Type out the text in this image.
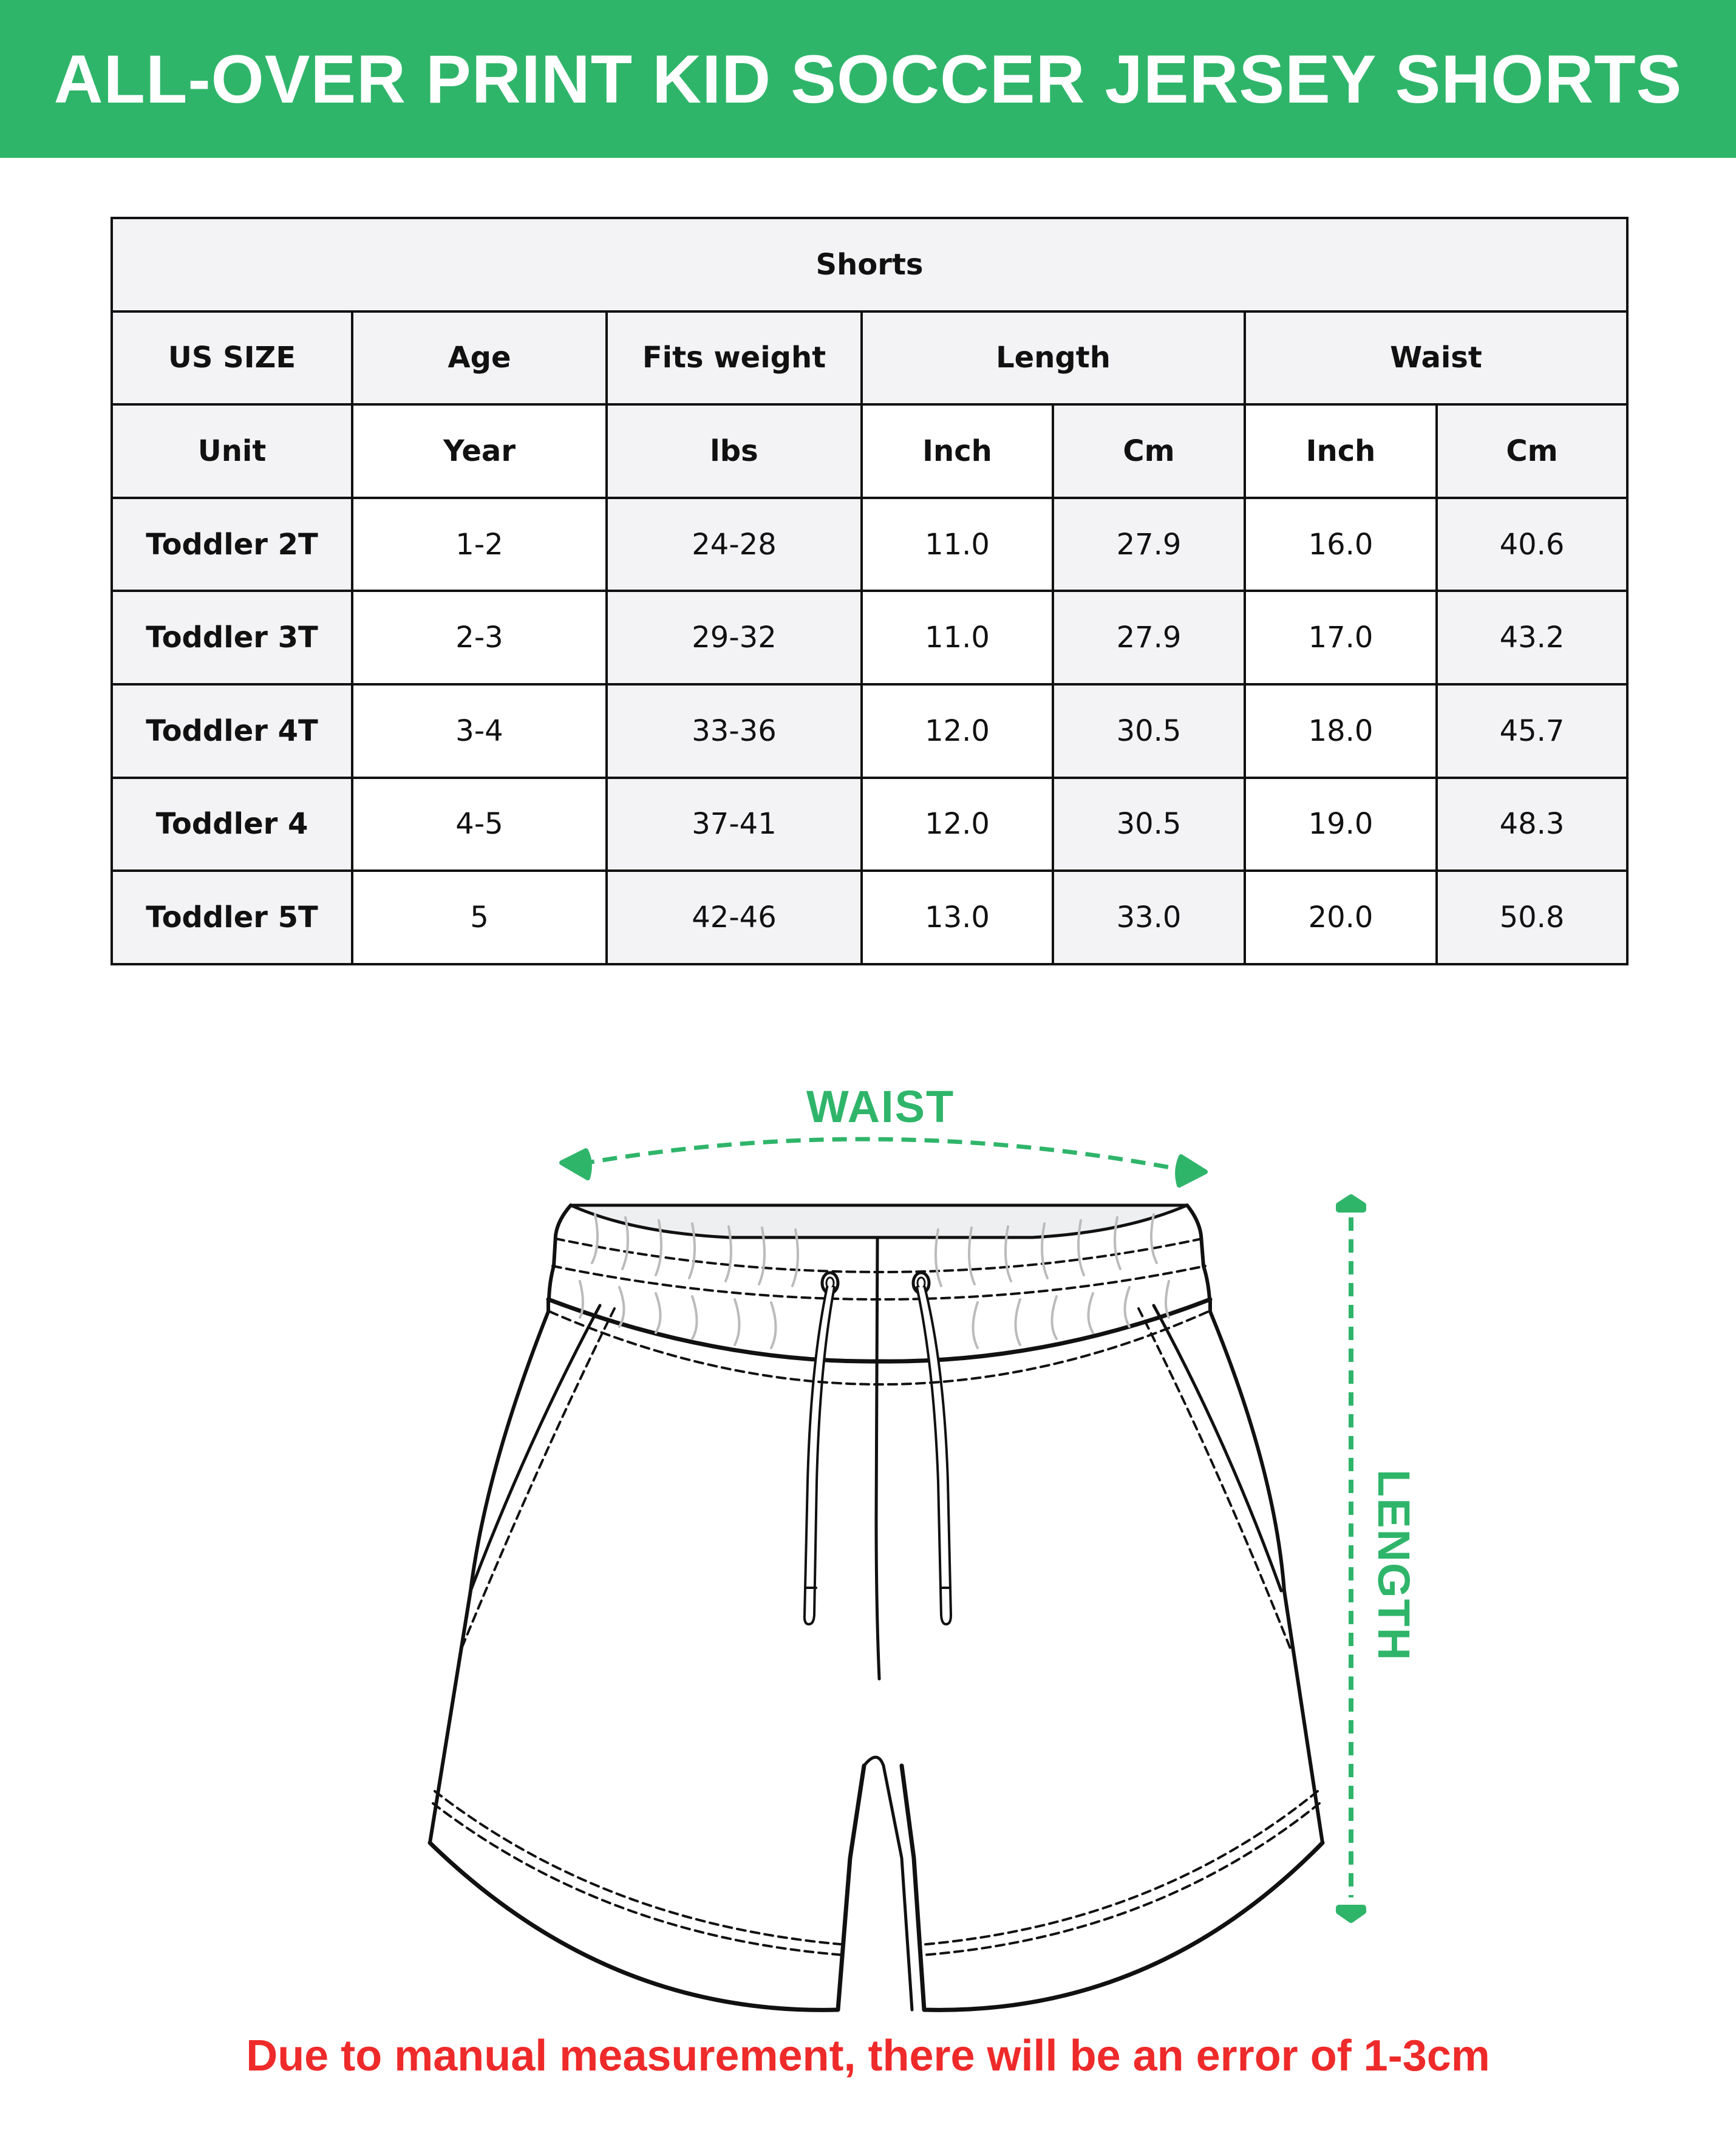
ALL-OVER PRINT KID SOCCER JERSEY SHORTS
Shorts						
US SIZE	Age	Fits weight	Length		Waist	
Unit	Year	lbs	Inch	Cm	Inch	Cm
Toddler 2T	1-2	24-28	11.0	27.9	16.0	40.6
Toddler 3T	2-3	29-32	11.0	27.9	17.0	43.2
Toddler 4T	3-4	33-36	12.0	30.5	18.0	45.7
Toddler 4	4-5	37-41	12.0	30.5	19.0	48.3
Toddler 5T	5	42-46	13.0	33.0	20.0	50.8
WAIST
LENGTH
Due to manual measurement, there will be an error of 1-3cm
